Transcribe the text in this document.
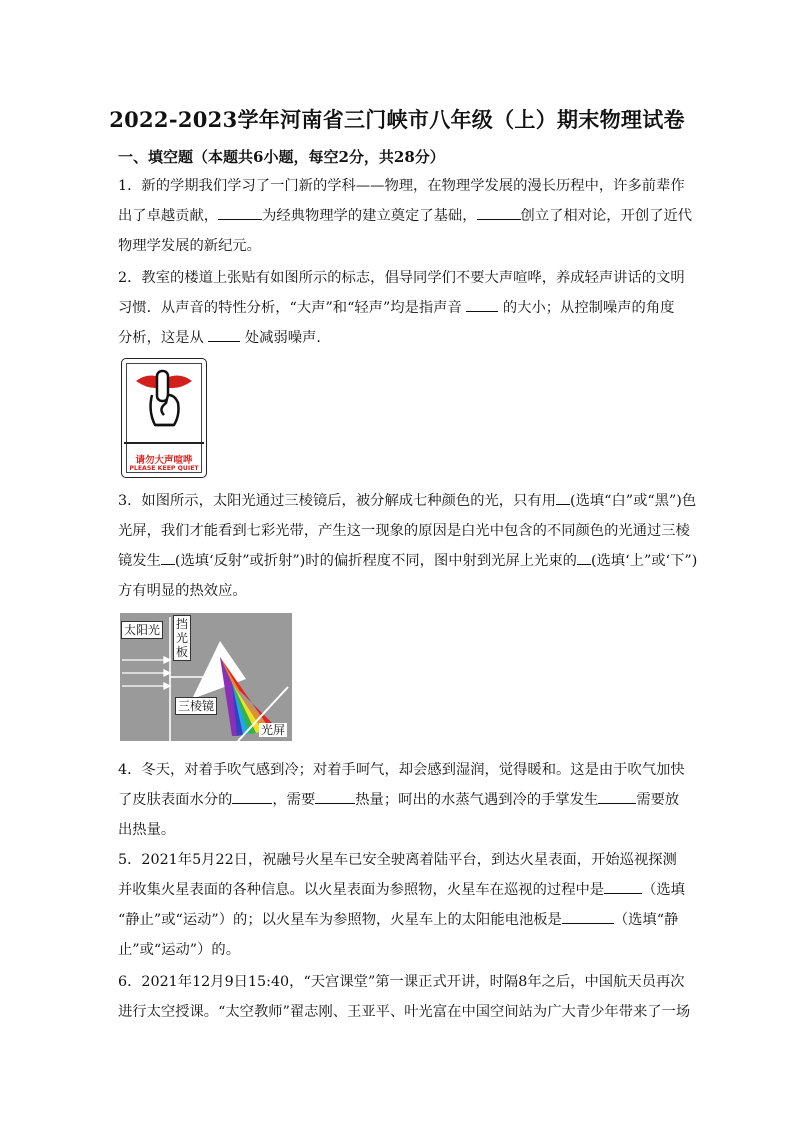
2022-2023学年河南省三门峡市八年级（上）期末物理试卷
一、填空题（本题共6小题，每空2分，共28分）
1．新的学期我们学习了一门新的学科——物理，在物理学发展的漫长历程中，许多前辈作
出了卓越贡献，	为经典物理学的建立奠定了基础，	创立了相对论，开创了近代
物理学发展的新纪元。
2．教室的楼道上张贴有如图所示的标志，倡导同学们不要大声喧哗，养成轻声讲话的文明
习惯．从声音的特性分析，“大声”和“轻声”均是指声音  的大小；从控制噪声的角度
分析，这是从  处减弱噪声．
请勿大声喧哗
PLEASE KEEP QUIET
3．如图所示，太阳光通过三棱镜后，被分解成七种颜色的光，只有用 (选填“白”或“黑”)色
光屏，我们才能看到七彩光带，产生这一现象的原因是白光中包含的不同颜色的光通过三棱
镜发生 (选填‘反射”或折射”)时的偏折程度不同，图中射到光屏上光束的 (选填‘上”或‘下”)
方有明显的热效应。
太阳光 挡光板
三棱镜
光屏
4．冬天，对着手吹气感到冷；对着手呵气，却会感到湿润，觉得暖和。这是由于吹气加快
了皮肤表面水分的	，需要	热量；呵出的水蒸气遇到冷的手掌发生	需要放
出热量。
5．2021年5月22日，祝融号火星车已安全驶离着陆平台，到达火星表面，开始巡视探测
并收集火星表面的各种信息。以火星表面为参照物，火星车在巡视的过程中是	（选填
“静止”或“运动”）的；以火星车为参照物，火星车上的太阳能电池板是	（选填“静
止”或“运动”）的。
6．2021年12月9日15:40，“天宫课堂”第一课正式开讲，时隔8年之后，中国航天员再次
进行太空授课。“太空教师”翟志刚、王亚平、叶光富在中国空间站为广大青少年带来了一场
